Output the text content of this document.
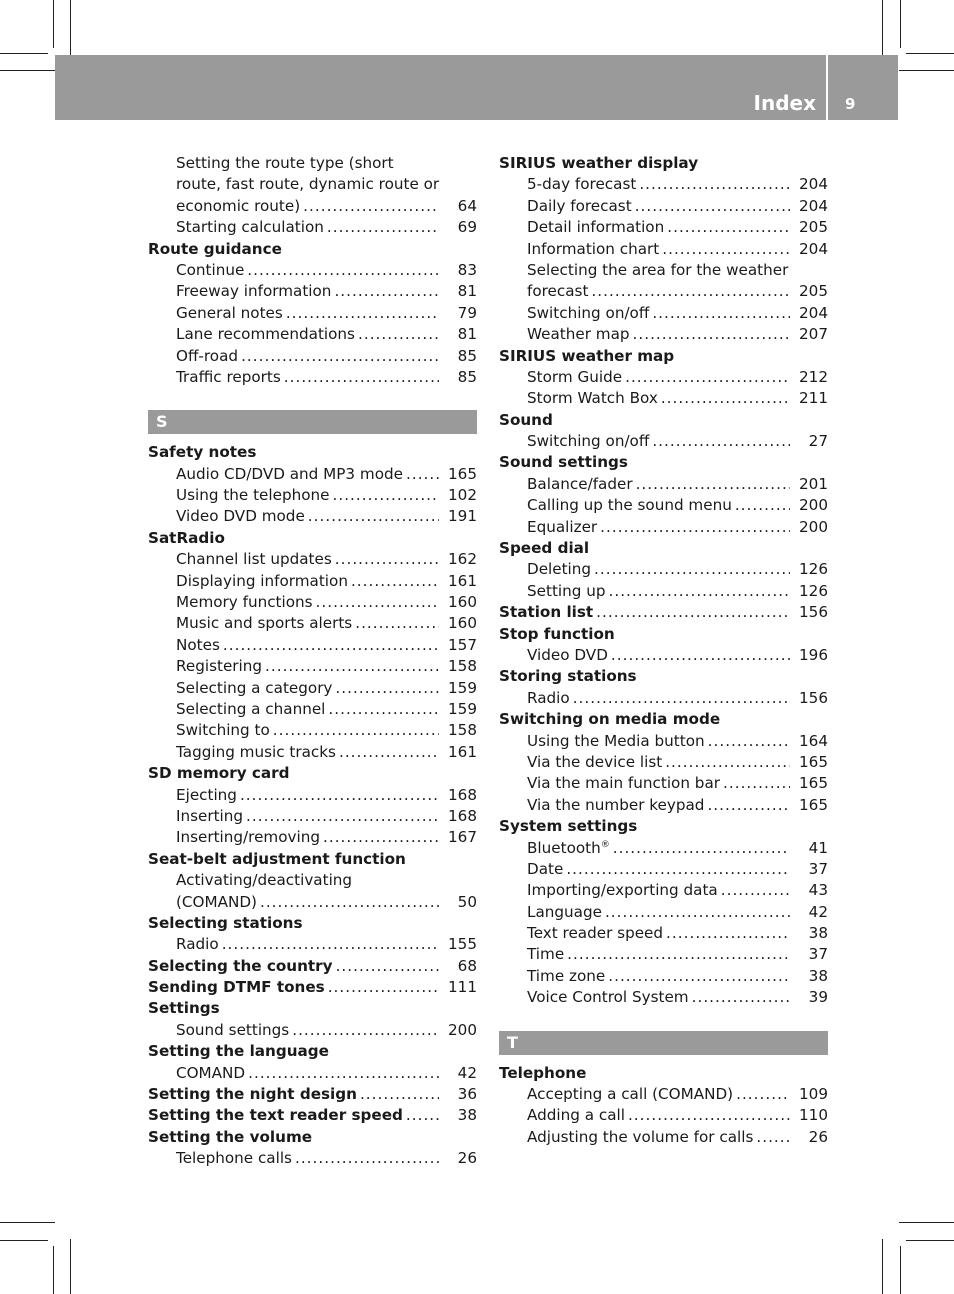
Index 9
Setting the route type (short
route, fast route, dynamic route or
economic route) . . .	64
Starting calculation . . .	69
Route guidance
Continue . . .	83
Freeway information . . .	81
General notes . . .	79
Lane recommendations . . .	81
Off-road . . .	85
Traffic reports . . .	85
S
Safety notes
Audio CD/DVD and MP3 mode . . .	165
Using the telephone . . .	102
Video DVD mode . . .	191
SatRadio
Channel list updates . . .	162
Displaying information . . .	161
Memory functions . . .	160
Music and sports alerts . . .	160
Notes . . .	157
Registering . . .	158
Selecting a category . . .	159
Selecting a channel . . .	159
Switching to . . .	158
Tagging music tracks . . .	161
SD memory card
Ejecting . . .	168
Inserting . . .	168
Inserting/removing . . .	167
Seat-belt adjustment function
Activating/deactivating
(COMAND) . . .	50
Selecting stations
Radio . . .	155
Selecting the country . . .	68
Sending DTMF tones . . .	111
Settings
Sound settings . . .	200
Setting the language
COMAND . . .	42
Setting the night design . . .	36
Setting the text reader speed . . .	38
Setting the volume
Telephone calls . . .	26
SIRIUS weather display
5-day forecast . . .	204
Daily forecast . . .	204
Detail information . . .	205
Information chart . . .	204
Selecting the area for the weather
forecast . . .	205
Switching on/off . . .	204
Weather map . . .	207
SIRIUS weather map
Storm Guide . . .	212
Storm Watch Box . . .	211
Sound
Switching on/off . . .	27
Sound settings
Balance/fader . . .	201
Calling up the sound menu . . .	200
Equalizer . . .	200
Speed dial
Deleting . . .	126
Setting up . . .	126
Station list . . .	156
Stop function
Video DVD . . .	196
Storing stations
Radio . . .	156
Switching on media mode
Using the Media button . . .	164
Via the device list . . .	165
Via the main function bar . . .	165
Via the number keypad . . .	165
System settings
Bluetooth® . . .	41
Date . . .	37
Importing/exporting data . . .	43
Language . . .	42
Text reader speed . . .	38
Time . . .	37
Time zone . . .	38
Voice Control System . . .	39
T
Telephone
Accepting a call (COMAND) . . .	109
Adding a call . . .	110
Adjusting the volume for calls . . .	26
